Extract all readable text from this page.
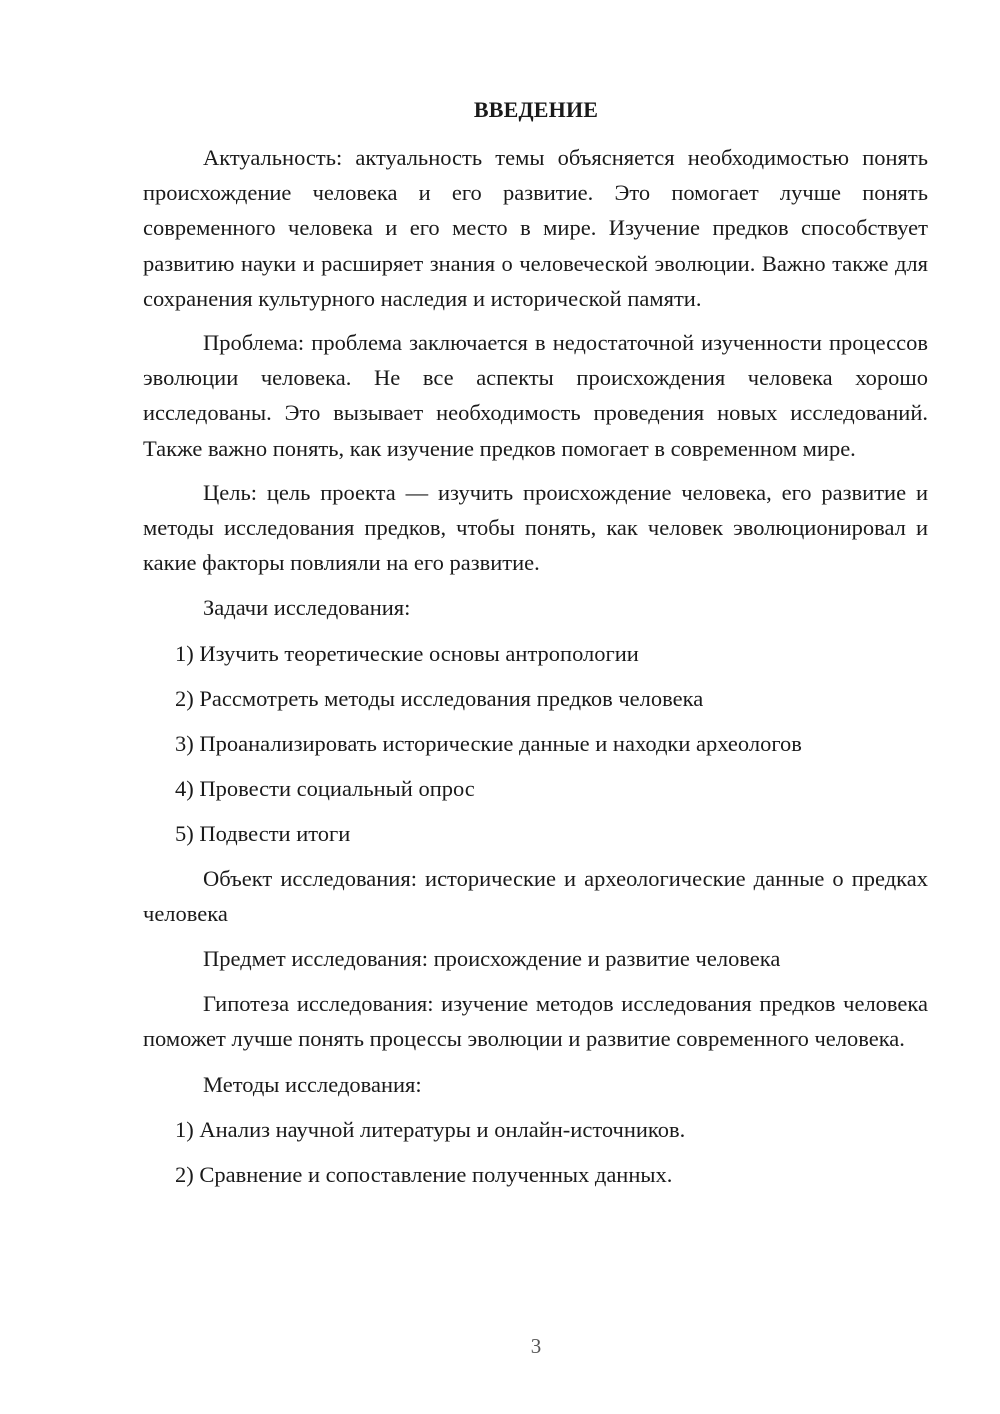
ВВЕДЕНИЕ

Актуальность: актуальность темы объясняется необходимостью понять происхождение человека и его развитие. Это помогает лучше понять современного человека и его место в мире. Изучение предков способствует развитию науки и расширяет знания о человеческой эволюции. Важно также для сохранения культурного наследия и исторической памяти.

Проблема: проблема заключается в недостаточной изученности процессов эволюции человека. Не все аспекты происхождения человека хорошо исследованы. Это вызывает необходимость проведения новых исследований. Также важно понять, как изучение предков помогает в современном мире.

Цель: цель проекта — изучить происхождение человека, его развитие и методы исследования предков, чтобы понять, как человек эволюционировал и какие факторы повлияли на его развитие.

Задачи исследования:

1) Изучить теоретические основы антропологии

2) Рассмотреть методы исследования предков человека

3) Проанализировать исторические данные и находки археологов

4) Провести социальный опрос

5) Подвести итоги

Объект исследования: исторические и археологические данные о предках человека

Предмет исследования: происхождение и развитие человека

Гипотеза исследования: изучение методов исследования предков человека поможет лучше понять процессы эволюции и развитие современного человека.

Методы исследования:

1) Анализ научной литературы и онлайн-источников.

2) Сравнение и сопоставление полученных данных.

3
